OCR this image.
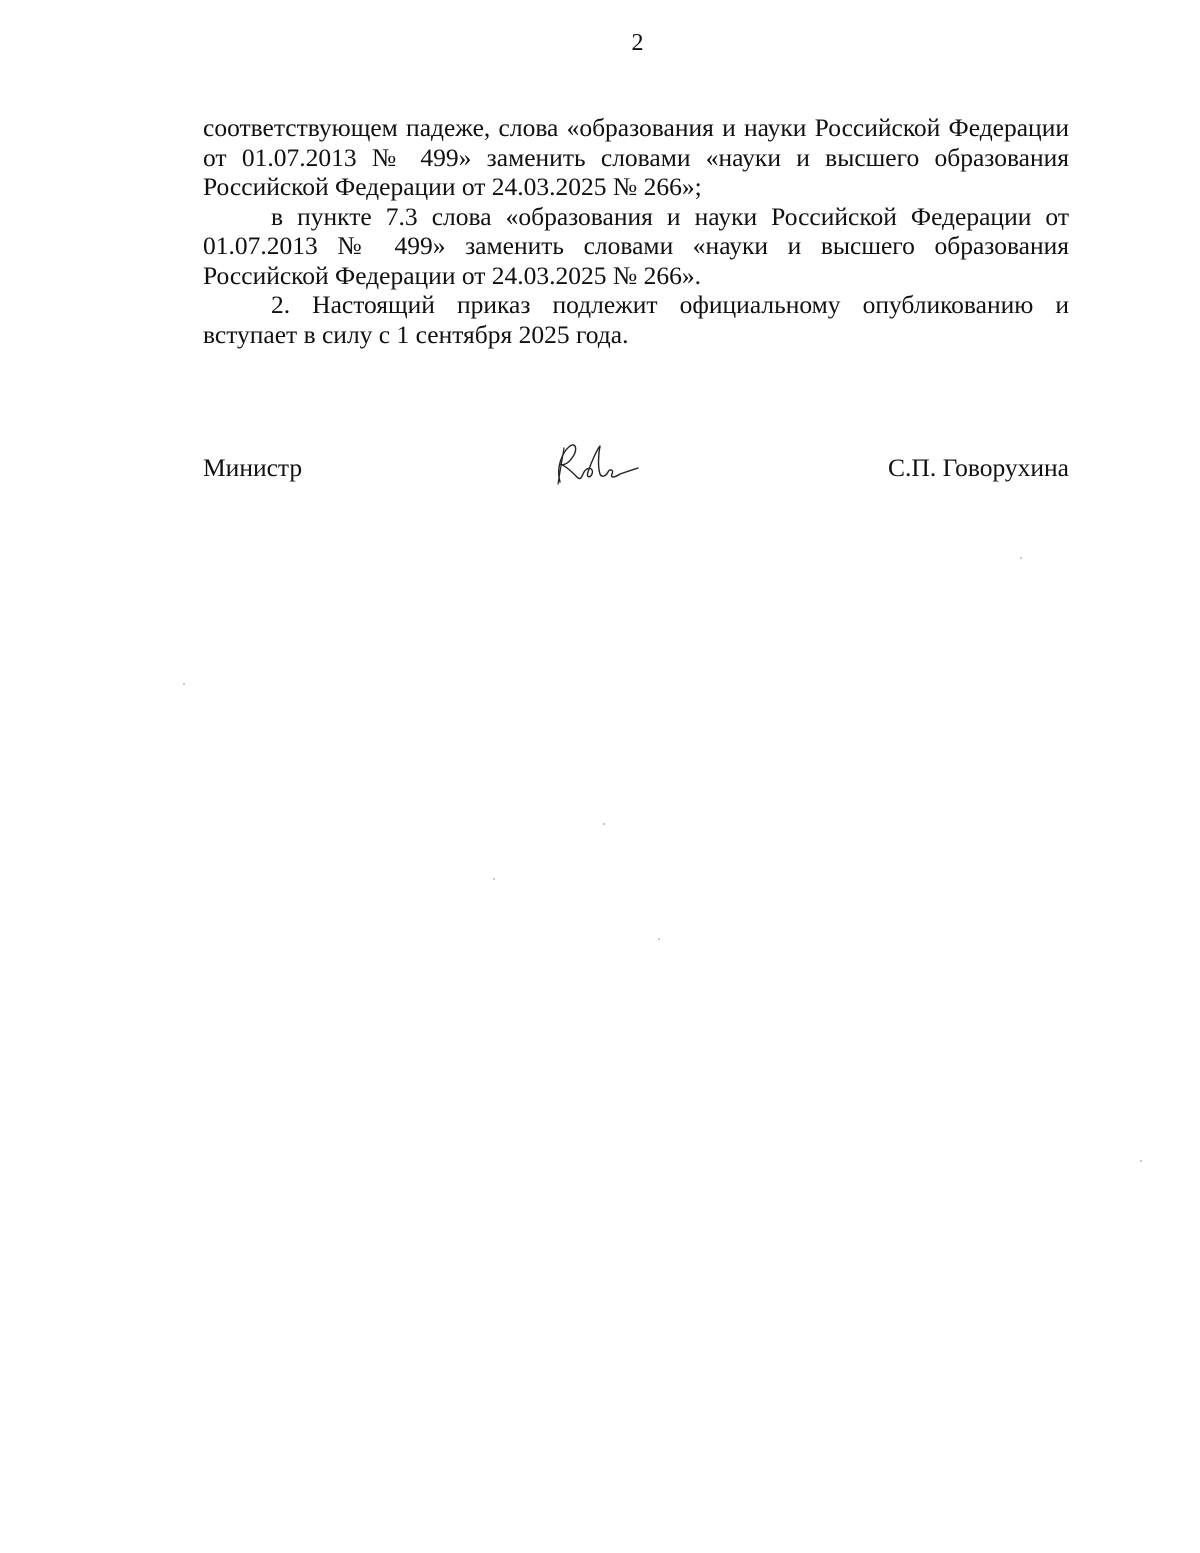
2

соответствующем падеже, слова «образования и науки Российской Федерации от 01.07.2013 № 499» заменить словами «науки и высшего образования Российской Федерации от 24.03.2025 № 266»;

в пункте 7.3 слова «образования и науки Российской Федерации от 01.07.2013 № 499» заменить словами «науки и высшего образования Российской Федерации от 24.03.2025 № 266».

2. Настоящий приказ подлежит официальному опубликованию и вступает в силу с 1 сентября 2025 года.

Министр	С.П. Говорухина
